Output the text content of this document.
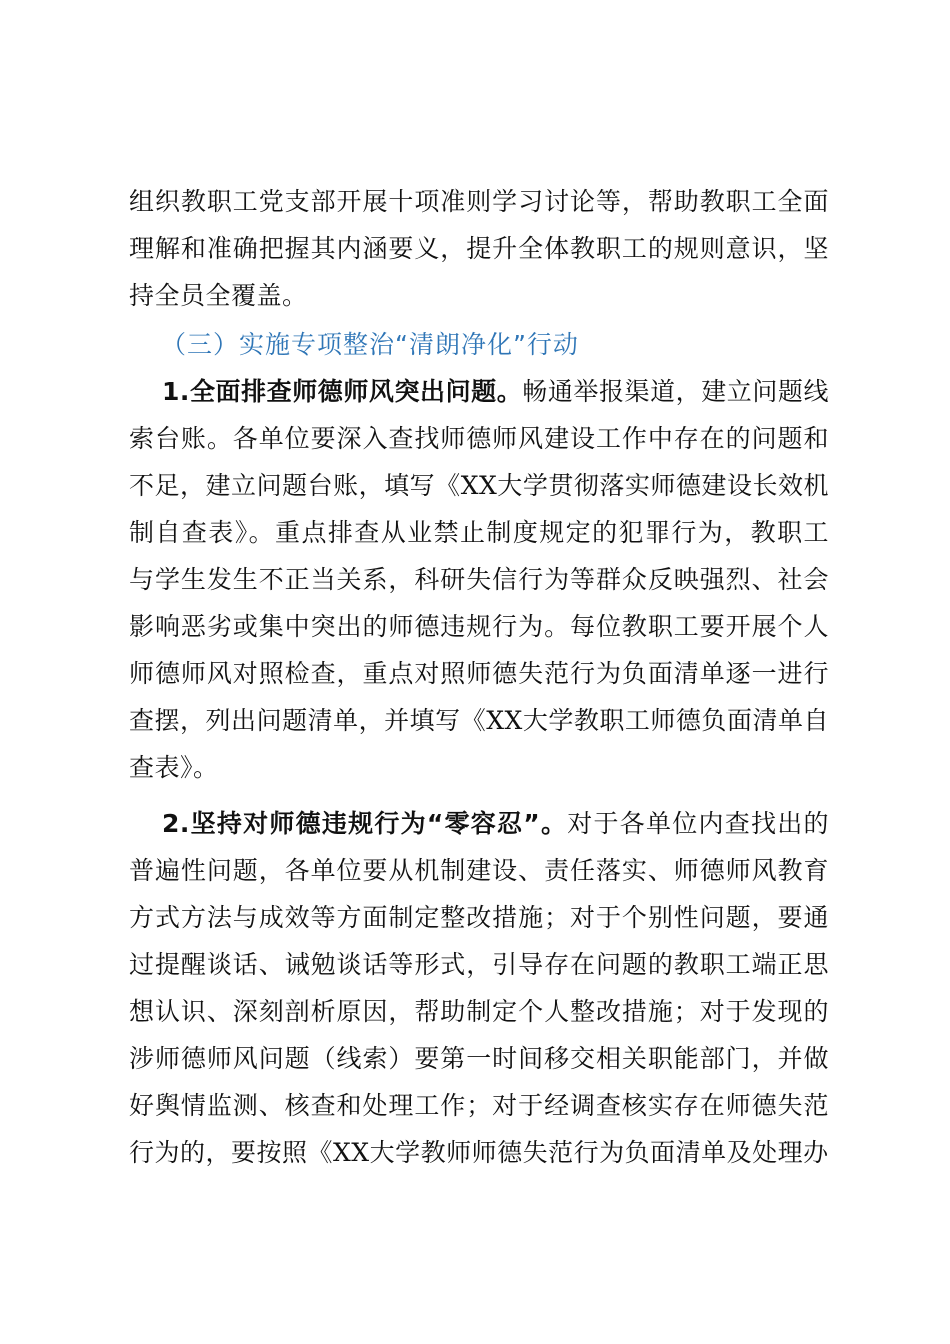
组织教职工党支部开展十项准则学习讨论等，帮助教职工全面理解和准确把握其内涵要义，提升全体教职工的规则意识，坚持全员全覆盖。
（三）实施专项整治“清朗净化”行动
1.全面排查师德师风突出问题。畅通举报渠道，建立问题线索台账。各单位要深入查找师德师风建设工作中存在的问题和不足，建立问题台账，填写《XX大学贯彻落实师德建设长效机制自查表》。重点排查从业禁止制度规定的犯罪行为，教职工与学生发生不正当关系，科研失信行为等群众反映强烈、社会影响恶劣或集中突出的师德违规行为。每位教职工要开展个人师德师风对照检查，重点对照师德失范行为负面清单逐一进行查摆，列出问题清单，并填写《XX大学教职工师德负面清单自查表》。
2.坚持对师德违规行为“零容忍”。对于各单位内查找出的普遍性问题，各单位要从机制建设、责任落实、师德师风教育方式方法与成效等方面制定整改措施；对于个别性问题，要通过提醒谈话、诫勉谈话等形式，引导存在问题的教职工端正思想认识、深刻剖析原因，帮助制定个人整改措施；对于发现的涉师德师风问题（线索）要第一时间移交相关职能部门，并做好舆情监测、核查和处理工作；对于经调查核实存在师德失范行为的，要按照《XX大学教师师德失范行为负面清单及处理办
